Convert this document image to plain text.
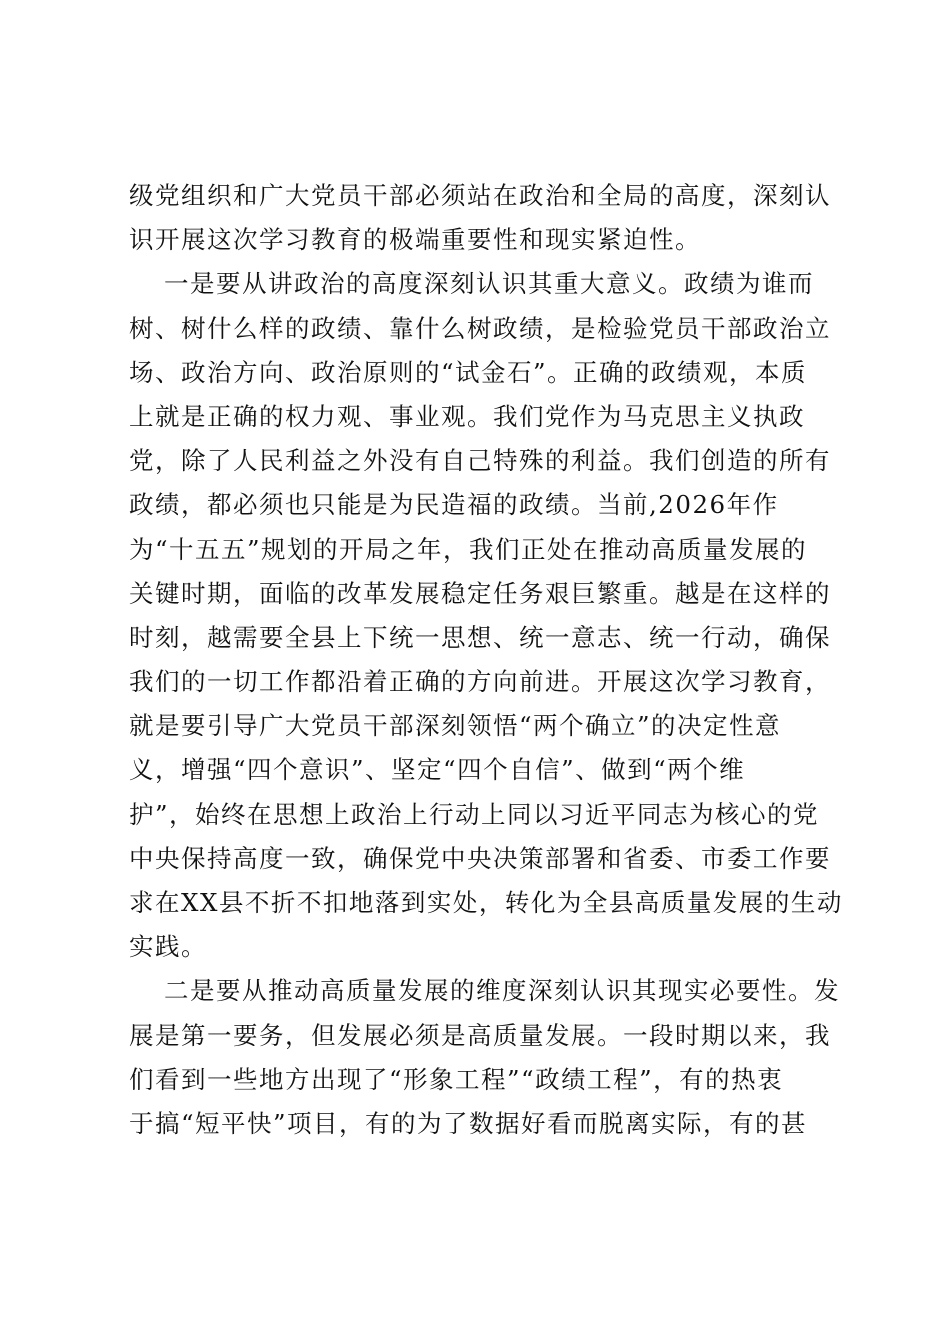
级党组织和广大党员干部必须站在政治和全局的高度，深刻认
识开展这次学习教育的极端重要性和现实紧迫性。
一是要从讲政治的高度深刻认识其重大意义。政绩为谁而
树、树什么样的政绩、靠什么树政绩，是检验党员干部政治立
场、政治方向、政治原则的“试金石”。正确的政绩观，本质
上就是正确的权力观、事业观。我们党作为马克思主义执政
党，除了人民利益之外没有自己特殊的利益。我们创造的所有
政绩，都必须也只能是为民造福的政绩。当前,2026年作
为“十五五”规划的开局之年，我们正处在推动高质量发展的
关键时期，面临的改革发展稳定任务艰巨繁重。越是在这样的
时刻，越需要全县上下统一思想、统一意志、统一行动，确保
我们的一切工作都沿着正确的方向前进。开展这次学习教育，
就是要引导广大党员干部深刻领悟“两个确立”的决定性意
义，增强“四个意识”、坚定“四个自信”、做到“两个维
护”，始终在思想上政治上行动上同以习近平同志为核心的党
中央保持高度一致，确保党中央决策部署和省委、市委工作要
求在XX县不折不扣地落到实处，转化为全县高质量发展的生动
实践。
二是要从推动高质量发展的维度深刻认识其现实必要性。发
展是第一要务，但发展必须是高质量发展。一段时期以来，我
们看到一些地方出现了“形象工程”“政绩工程”，有的热衷
于搞“短平快”项目，有的为了数据好看而脱离实际，有的甚
